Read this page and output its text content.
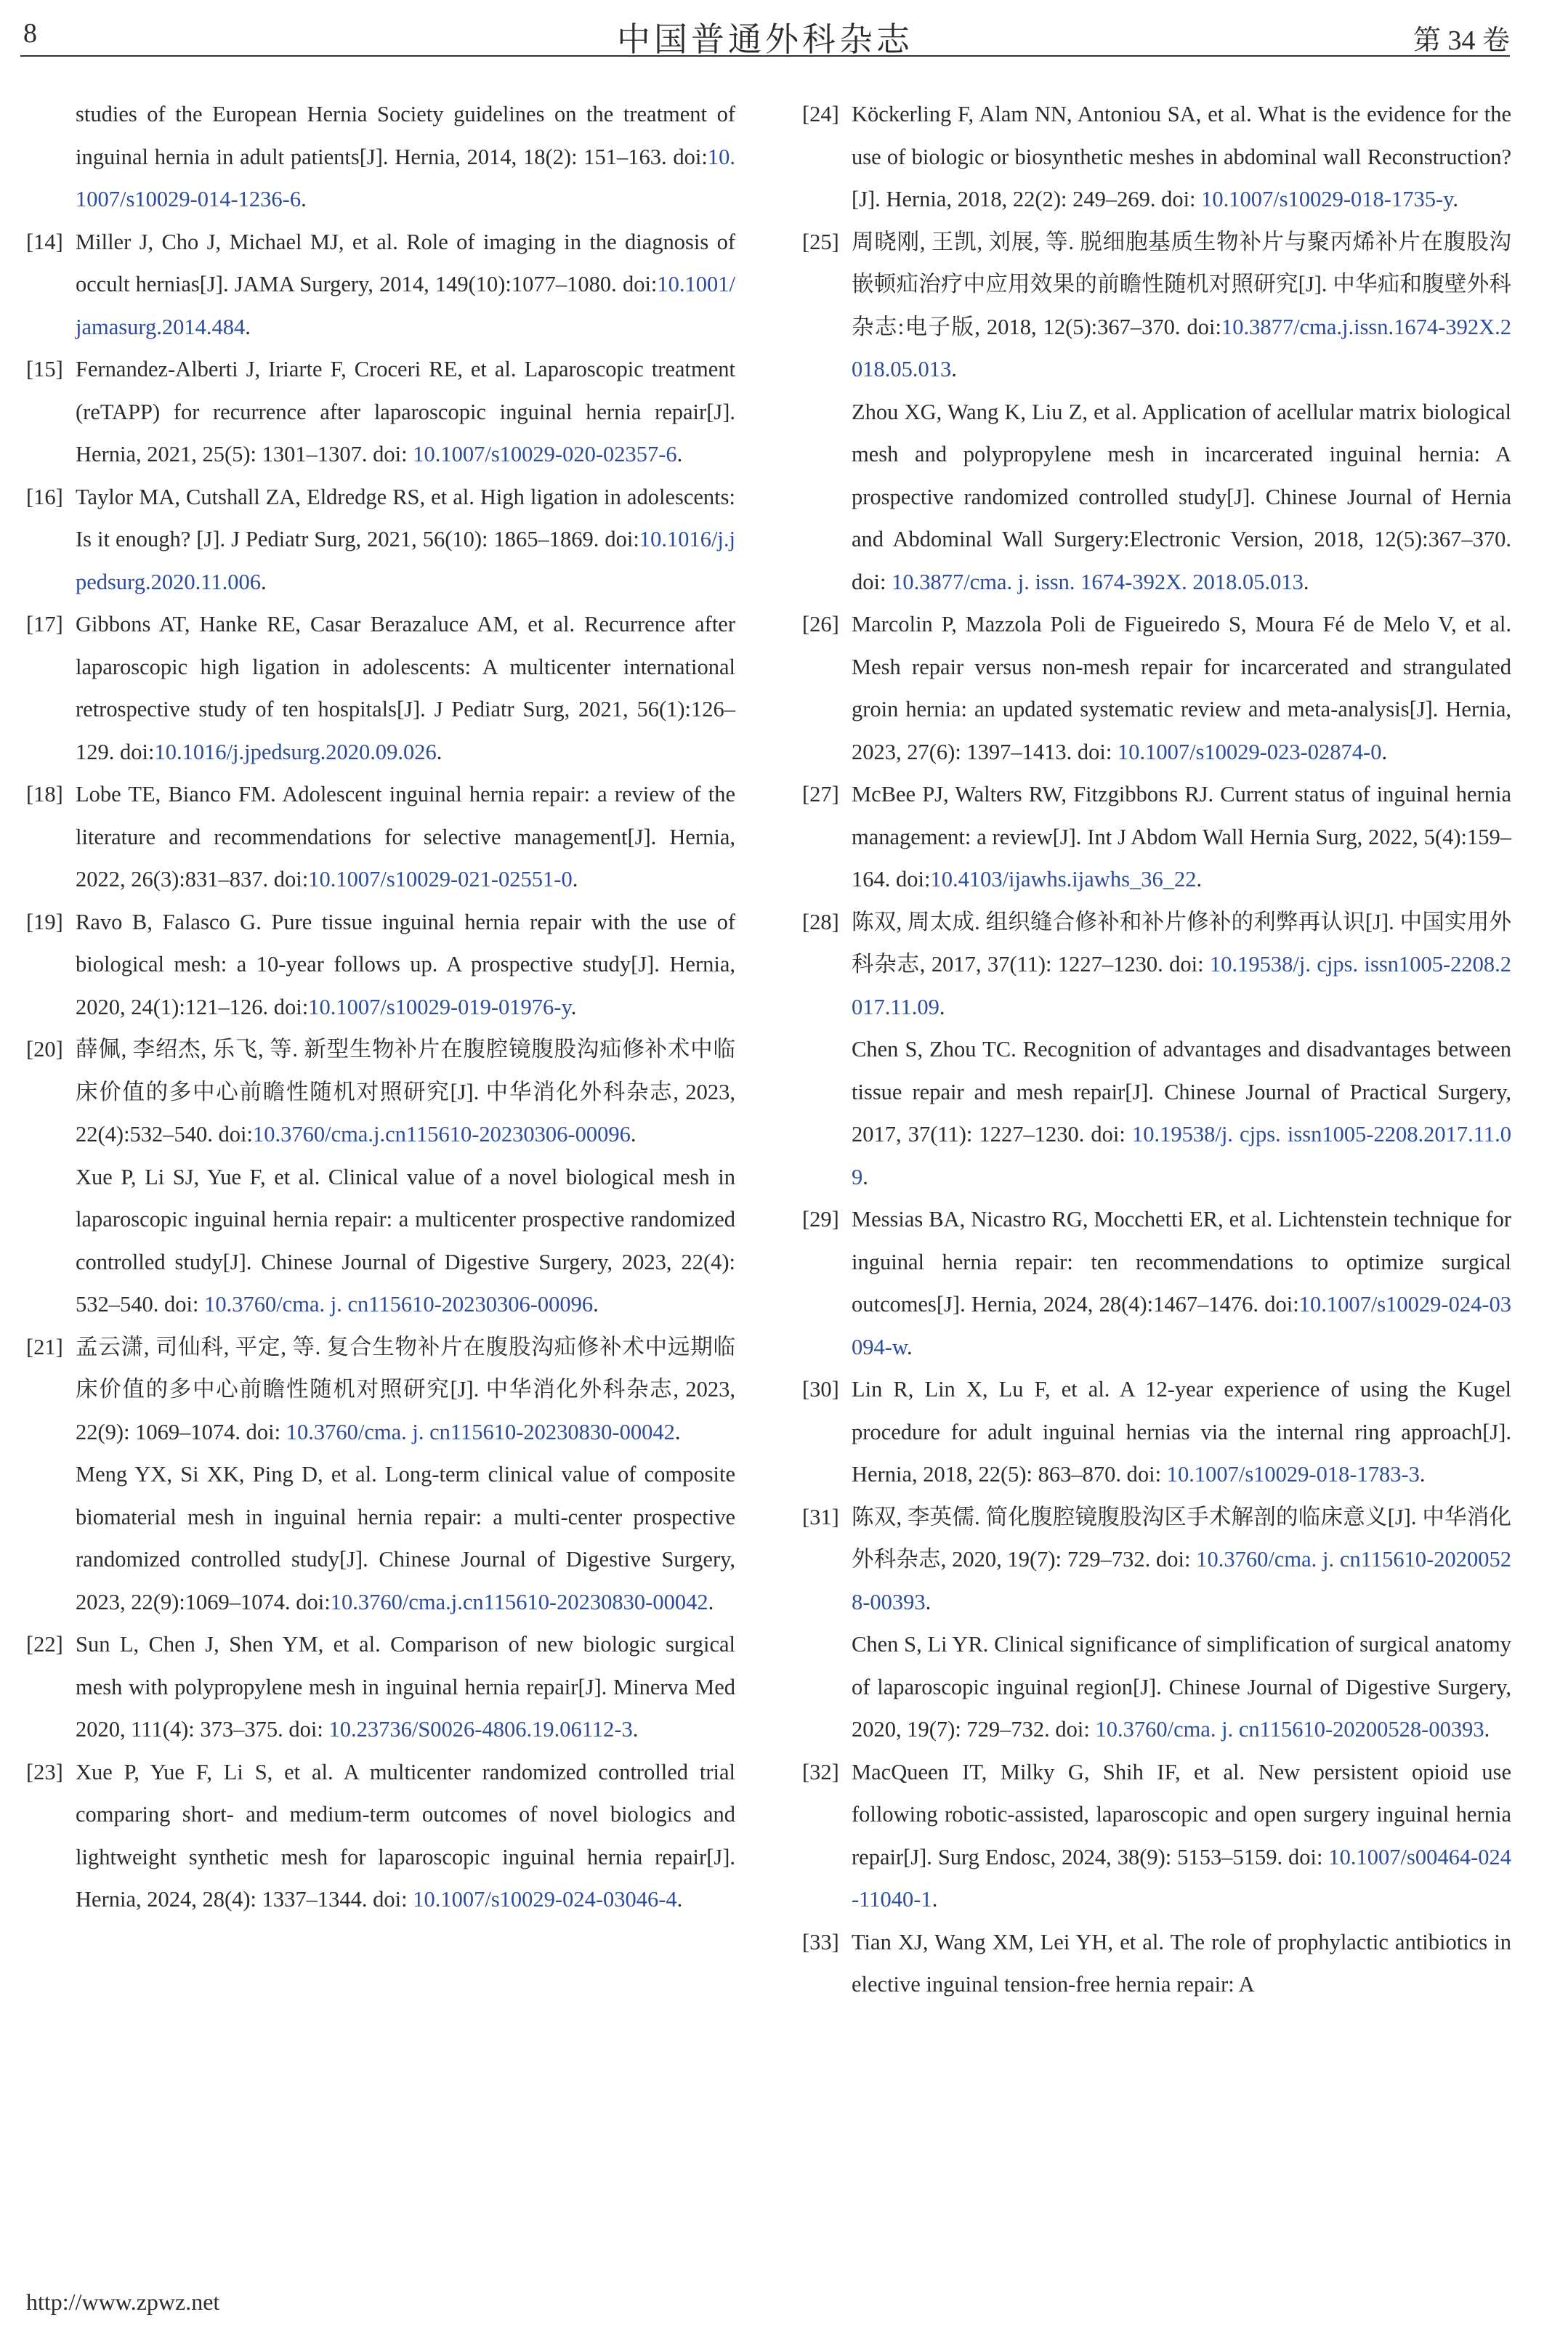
8	中国普通外科杂志	第 34 卷
studies of the European Hernia Society guidelines on the treatment of inguinal hernia in adult patients[J]. Hernia, 2014, 18(2): 151–163. doi:10.1007/s10029-014-1236-6.
[14] Miller J, Cho J, Michael MJ, et al. Role of imaging in the diagnosis of occult hernias[J]. JAMA Surgery, 2014, 149(10):1077–1080. doi:10.1001/jamasurg.2014.484.
[15] Fernandez-Alberti J, Iriarte F, Croceri RE, et al. Laparoscopic treatment (reTAPP) for recurrence after laparoscopic inguinal hernia repair[J]. Hernia, 2021, 25(5): 1301–1307. doi: 10.1007/s10029-020-02357-6.
[16] Taylor MA, Cutshall ZA, Eldredge RS, et al. High ligation in adolescents: Is it enough? [J]. J Pediatr Surg, 2021, 56(10): 1865–1869. doi:10.1016/j.jpedsurg.2020.11.006.
[17] Gibbons AT, Hanke RE, Casar Berazaluce AM, et al. Recurrence after laparoscopic high ligation in adolescents: A multicenter international retrospective study of ten hospitals[J]. J Pediatr Surg, 2021, 56(1):126–129. doi:10.1016/j.jpedsurg.2020.09.026.
[18] Lobe TE, Bianco FM. Adolescent inguinal hernia repair: a review of the literature and recommendations for selective management[J]. Hernia, 2022, 26(3):831–837. doi:10.1007/s10029-021-02551-0.
[19] Ravo B, Falasco G. Pure tissue inguinal hernia repair with the use of biological mesh: a 10-year follows up. A prospective study[J]. Hernia, 2020, 24(1):121–126. doi:10.1007/s10029-019-01976-y.
[20] 薛佩, 李绍杰, 乐飞, 等. 新型生物补片在腹腔镜腹股沟疝修补术中临床价值的多中心前瞻性随机对照研究[J]. 中华消化外科杂志, 2023, 22(4):532–540. doi:10.3760/cma.j.cn115610-20230306-00096.
Xue P, Li SJ, Yue F, et al. Clinical value of a novel biological mesh in laparoscopic inguinal hernia repair: a multicenter prospective randomized controlled study[J]. Chinese Journal of Digestive Surgery, 2023, 22(4): 532–540. doi: 10.3760/cma. j. cn115610-20230306-00096.
[21] 孟云潇, 司仙科, 平定, 等. 复合生物补片在腹股沟疝修补术中远期临床价值的多中心前瞻性随机对照研究[J]. 中华消化外科杂志, 2023, 22(9): 1069–1074. doi: 10.3760/cma. j. cn115610-20230830-00042.
Meng YX, Si XK, Ping D, et al. Long-term clinical value of composite biomaterial mesh in inguinal hernia repair: a multi-center prospective randomized controlled study[J]. Chinese Journal of Digestive Surgery, 2023, 22(9):1069–1074. doi:10.3760/cma.j.cn115610-20230830-00042.
[22] Sun L, Chen J, Shen YM, et al. Comparison of new biologic surgical mesh with polypropylene mesh in inguinal hernia repair[J]. Minerva Med 2020, 111(4): 373–375. doi: 10.23736/S0026-4806.19.06112-3.
[23] Xue P, Yue F, Li S, et al. A multicenter randomized controlled trial comparing short- and medium-term outcomes of novel biologics and lightweight synthetic mesh for laparoscopic inguinal hernia repair[J]. Hernia, 2024, 28(4): 1337–1344. doi: 10.1007/s10029-024-03046-4.
[24] Köckerling F, Alam NN, Antoniou SA, et al. What is the evidence for the use of biologic or biosynthetic meshes in abdominal wall Reconstruction? [J]. Hernia, 2018, 22(2): 249–269. doi: 10.1007/s10029-018-1735-y.
[25] 周晓刚, 王凯, 刘展, 等. 脱细胞基质生物补片与聚丙烯补片在腹股沟嵌顿疝治疗中应用效果的前瞻性随机对照研究[J]. 中华疝和腹壁外科杂志:电子版, 2018, 12(5):367–370. doi:10.3877/cma.j.issn.1674-392X.2018.05.013.
Zhou XG, Wang K, Liu Z, et al. Application of acellular matrix biological mesh and polypropylene mesh in incarcerated inguinal hernia: A prospective randomized controlled study[J]. Chinese Journal of Hernia and Abdominal Wall Surgery:Electronic Version, 2018, 12(5):367–370. doi: 10.3877/cma. j. issn. 1674-392X. 2018.05.013.
[26] Marcolin P, Mazzola Poli de Figueiredo S, Moura Fé de Melo V, et al. Mesh repair versus non-mesh repair for incarcerated and strangulated groin hernia: an updated systematic review and meta-analysis[J]. Hernia, 2023, 27(6): 1397–1413. doi: 10.1007/s10029-023-02874-0.
[27] McBee PJ, Walters RW, Fitzgibbons RJ. Current status of inguinal hernia management: a review[J]. Int J Abdom Wall Hernia Surg, 2022, 5(4):159–164. doi:10.4103/ijawhs.ijawhs_36_22.
[28] 陈双, 周太成. 组织缝合修补和补片修补的利弊再认识[J]. 中国实用外科杂志, 2017, 37(11): 1227–1230. doi: 10.19538/j. cjps. issn1005-2208.2017.11.09.
Chen S, Zhou TC. Recognition of advantages and disadvantages between tissue repair and mesh repair[J]. Chinese Journal of Practical Surgery, 2017, 37(11): 1227–1230. doi: 10.19538/j. cjps. issn1005-2208.2017.11.09.
[29] Messias BA, Nicastro RG, Mocchetti ER, et al. Lichtenstein technique for inguinal hernia repair: ten recommendations to optimize surgical outcomes[J]. Hernia, 2024, 28(4):1467–1476. doi:10.1007/s10029-024-03094-w.
[30] Lin R, Lin X, Lu F, et al. A 12-year experience of using the Kugel procedure for adult inguinal hernias via the internal ring approach[J]. Hernia, 2018, 22(5): 863–870. doi: 10.1007/s10029-018-1783-3.
[31] 陈双, 李英儒. 简化腹腔镜腹股沟区手术解剖的临床意义[J]. 中华消化外科杂志, 2020, 19(7): 729–732. doi: 10.3760/cma. j. cn115610-20200528-00393.
Chen S, Li YR. Clinical significance of simplification of surgical anatomy of laparoscopic inguinal region[J]. Chinese Journal of Digestive Surgery, 2020, 19(7): 729–732. doi: 10.3760/cma. j. cn115610-20200528-00393.
[32] MacQueen IT, Milky G, Shih IF, et al. New persistent opioid use following robotic-assisted, laparoscopic and open surgery inguinal hernia repair[J]. Surg Endosc, 2024, 38(9): 5153–5159. doi: 10.1007/s00464-024-11040-1.
[33] Tian XJ, Wang XM, Lei YH, et al. The role of prophylactic antibiotics in elective inguinal tension-free hernia repair: A
http://www.zpwz.net
